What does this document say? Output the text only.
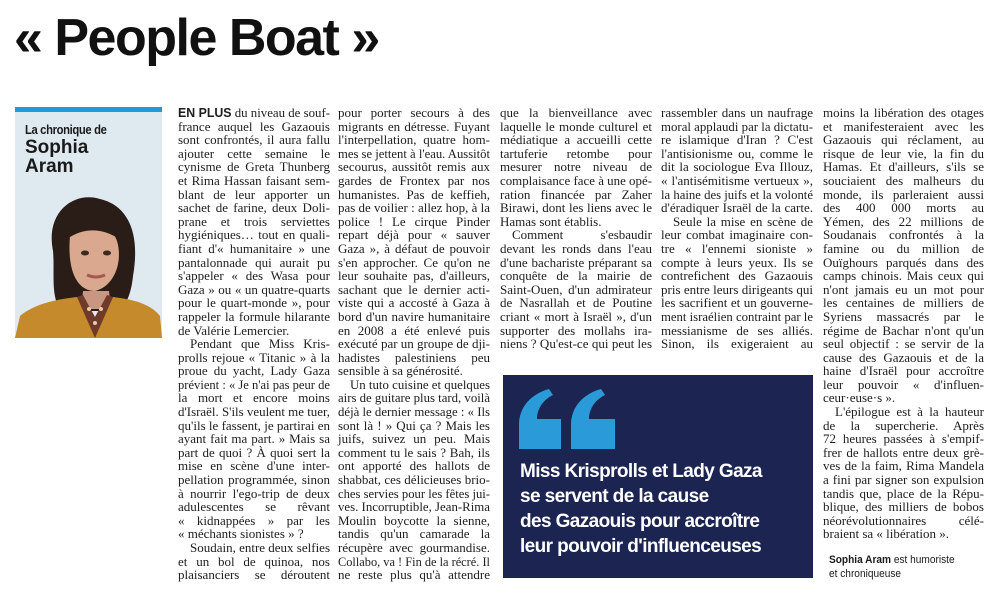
« People Boat »
La chronique de
Sophia
Aram
EN PLUS du niveau de souf-
france auquel les Gazaouis
sont confrontés, il aura fallu
ajouter cette semaine le
cynisme de Greta Thunberg
et Rima Hassan faisant sem-
blant de leur apporter un
sachet de farine, deux Doli-
prane et trois serviettes
hygiéniques… tout en quali-
fiant d'« humanitaire » une
pantalonnade qui aurait pu
s'appeler « des Wasa pour
Gaza » ou « un quatre-quarts
pour le quart-monde », pour
rappeler la formule hilarante
de Valérie Lemercier.
Pendant que Miss Kris-
prolls rejoue « Titanic » à la
proue du yacht, Lady Gaza
prévient : « Je n'ai pas peur de
la mort et encore moins
d'Israël. S'ils veulent me tuer,
qu'ils le fassent, je partirai en
ayant fait ma part. » Mais sa
part de quoi ? À quoi sert la
mise en scène d'une inter-
pellation programmée, sinon
à nourrir l'ego-trip de deux
adulescentes se rêvant
« kidnappées » par les
« méchants sionistes » ?
Soudain, entre deux selfies
et un bol de quinoa, nos
plaisanciers se déroutent
pour porter secours à des
migrants en détresse. Fuyant
l'interpellation, quatre hom-
mes se jettent à l'eau. Aussitôt
secourus, aussitôt remis aux
gardes de Frontex par nos
humanistes. Pas de keffieh,
pas de voilier : allez hop, à la
police ! Le cirque Pinder
repart déjà pour « sauver
Gaza », à défaut de pouvoir
s'en approcher. Ce qu'on ne
leur souhaite pas, d'ailleurs,
sachant que le dernier acti-
viste qui a accosté à Gaza à
bord d'un navire humanitaire
en 2008 a été enlevé puis
exécuté par un groupe de dji-
hadistes palestiniens peu
sensible à sa générosité.
Un tuto cuisine et quelques
airs de guitare plus tard, voilà
déjà le dernier message : « Ils
sont là ! » Qui ça ? Mais les
juifs, suivez un peu. Mais
comment tu le sais ? Bah, ils
ont apporté des hallots de
shabbat, ces délicieuses brio-
ches servies pour les fêtes jui-
ves. Incorruptible, Jean-Rima
Moulin boycotte la sienne,
tandis qu'un camarade la
récupère avec gourmandise.
Collabo, va ! Fin de la récré. Il
ne reste plus qu'à attendre
que la bienveillance avec
laquelle le monde culturel et
médiatique a accueilli cette
tartuferie retombe pour
mesurer notre niveau de
complaisance face à une opé-
ration financée par Zaher
Birawi, dont les liens avec le
Hamas sont établis.
Comment s'esbaudir
devant les ronds dans l'eau
d'une bachariste préparant sa
conquête de la mairie de
Saint-Ouen, d'un admirateur
de Nasrallah et de Poutine
criant « mort à Israël », d'un
supporter des mollahs ira-
niens ? Qu'est-ce qui peut les
rassembler dans un naufrage
moral applaudi par la dictatu-
re islamique d'Iran ? C'est
l'antisionisme ou, comme le
dit la sociologue Eva Illouz,
« l'antisémitisme vertueux »,
la haine des juifs et la volonté
d'éradiquer Israël de la carte.
Seule la mise en scène de
leur combat imaginaire con-
tre « l'ennemi sioniste »
compte à leurs yeux. Ils se
contrefichent des Gazaouis
pris entre leurs dirigeants qui
les sacrifient et un gouverne-
ment israélien contraint par le
messianisme de ses alliés.
Sinon, ils exigeraient au
moins la libération des otages
et manifesteraient avec les
Gazaouis qui réclament, au
risque de leur vie, la fin du
Hamas. Et d'ailleurs, s'ils se
souciaient des malheurs du
monde, ils parleraient aussi
des 400 000 morts au
Yémen, des 22 millions de
Soudanais confrontés à la
famine ou du million de
Ouïghours parqués dans des
camps chinois. Mais ceux qui
n'ont jamais eu un mot pour
les centaines de milliers de
Syriens massacrés par le
régime de Bachar n'ont qu'un
seul objectif : se servir de la
cause des Gazaouis et de la
haine d'Israël pour accroître
leur pouvoir « d'influen-
ceur·euse·s ».
L'épilogue est à la hauteur
de la supercherie. Après
72 heures passées à s'empif-
frer de hallots entre deux grè-
ves de la faim, Rima Mandela
a fini par signer son expulsion
tandis que, place de la Répu-
blique, des milliers de bobos
néorévolutionnaires célé-
braient sa « libération ».
Miss Krisprolls et Lady Gaza
se servent de la cause
des Gazaouis pour accroître
leur pouvoir d'influenceuses
Sophia Aram est humoriste
et chroniqueuse
